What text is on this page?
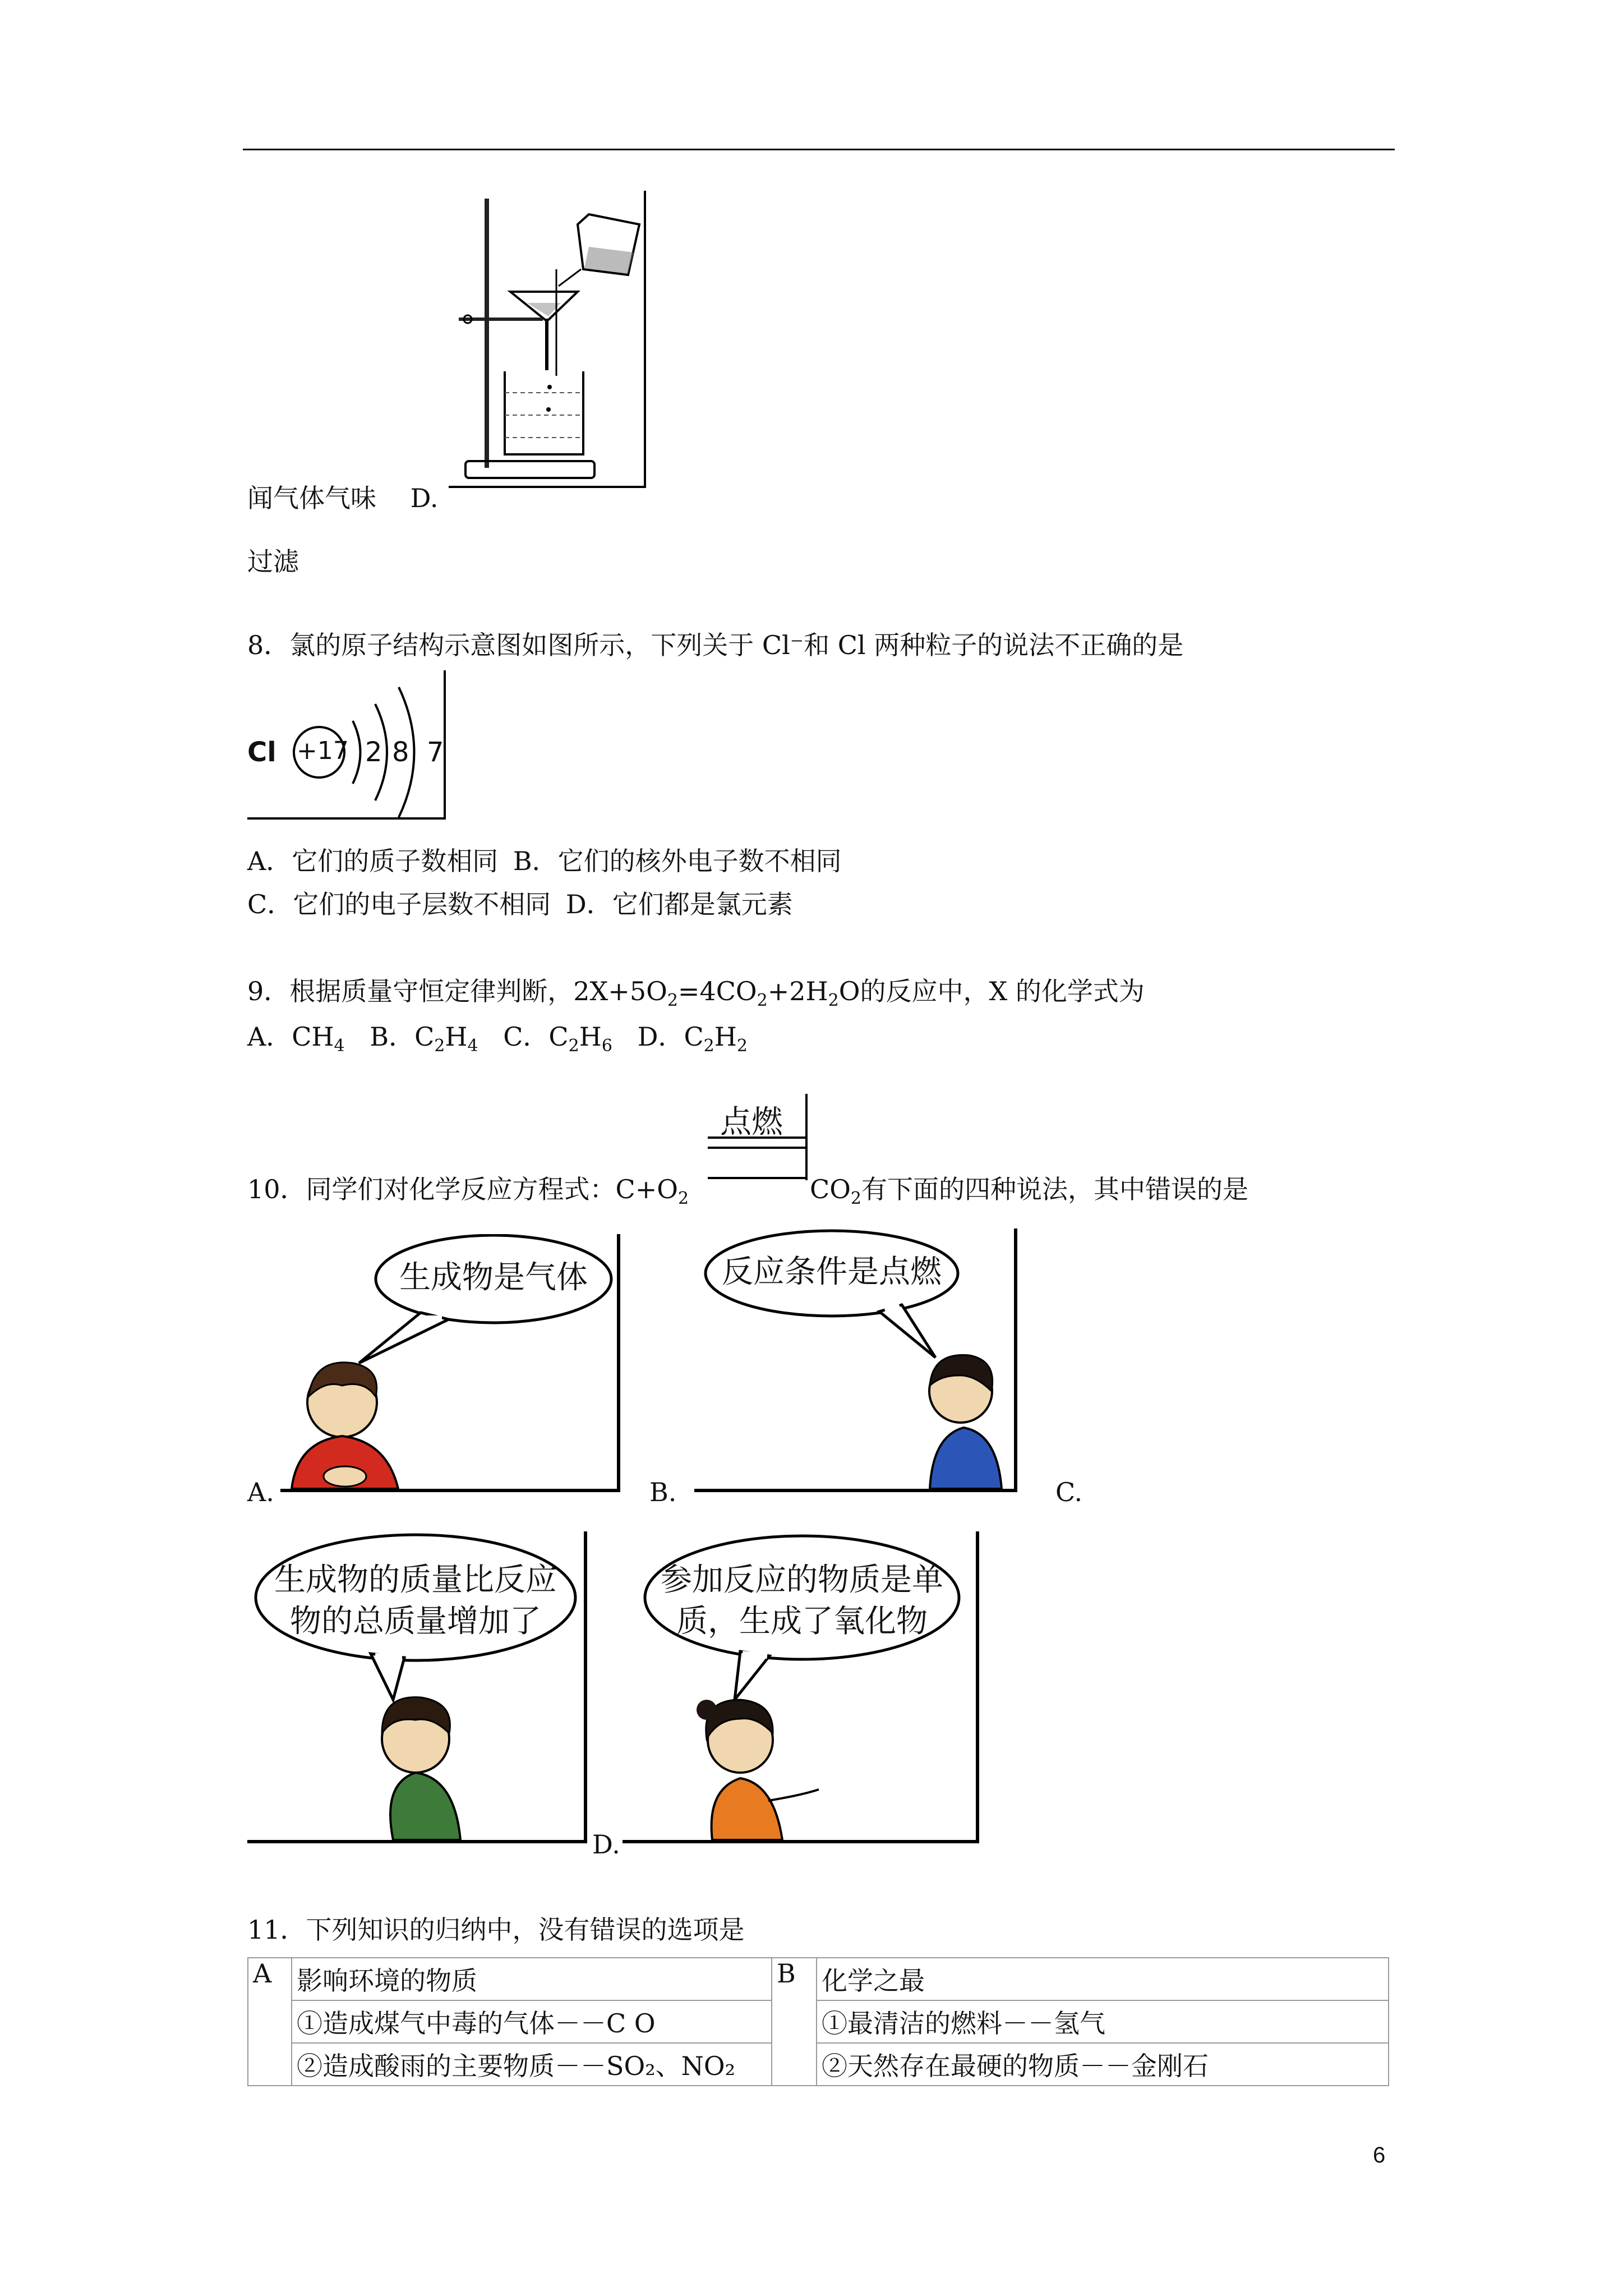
闻气体气味 D.
过滤
8．氯的原子结构示意图如图所示，下列关于 Cl⁻和 Cl 两种粒子的说法不正确的是
Cl +17 2 8 7
A．它们的质子数相同 B．它们的核外电子数不相同
C．它们的电子层数不相同 D．它们都是氯元素
9．根据质量守恒定律判断，$2X+5O_2=4CO_2+2H_2O$的反应中，X 的化学式为
A．$CH_4$ B．$C_2H_4$ C．$C_2H_6$ D．$C_2H_2$
点燃
10．同学们对化学反应方程式：$C+O_2$	$CO_2$有下面的四种说法，其中错误的是
生成物是气体
A.
反应条件是点燃
B.	C.
生成物的质量比反应
物的总质量增加了
参加反应的物质是单
质，生成了氧化物
D.
11．下列知识的归纳中，没有错误的选项是
A	影响环境的物质	B	化学之最
	①造成煤气中毒的气体－－C O		①最清洁的燃料－－氢气
	②造成酸雨的主要物质－－SO₂、NO₂		②天然存在最硬的物质－－金刚石
6
